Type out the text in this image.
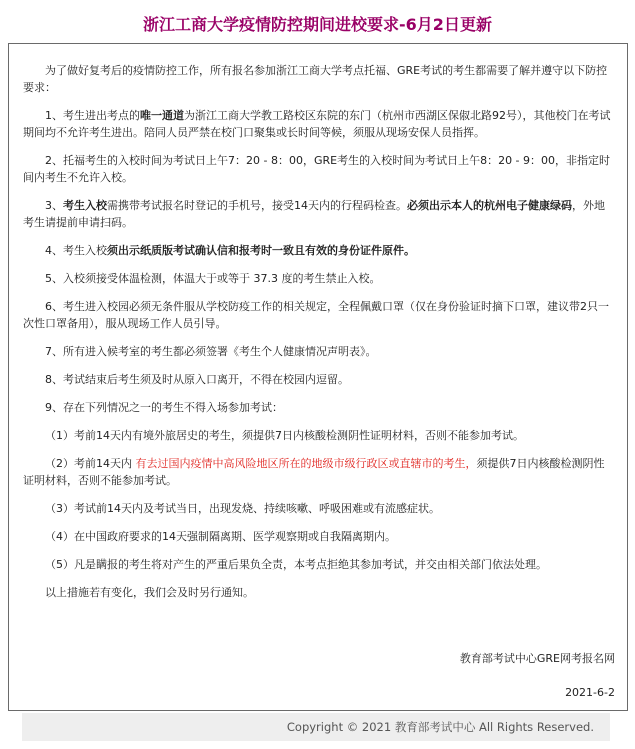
浙江工商大学疫情防控期间进校要求-6月2日更新

为了做好复考后的疫情防控工作，所有报名参加浙江工商大学考点托福、GRE考试的考生都需要了解并遵守以下防控要求：

1、考生进出考点的唯一通道为浙江工商大学教工路校区东院的东门（杭州市西湖区保俶北路92号），其他校门在考试期间均不允许考生进出。陪同人员严禁在校门口聚集或长时间等候，须服从现场安保人员指挥。

2、托福考生的入校时间为考试日上午7：20 - 8：00，GRE考生的入校时间为考试日上午8：20 - 9：00，非指定时间内考生不允许入校。

3、考生入校需携带考试报名时登记的手机号，接受14天内的行程码检查。必须出示本人的杭州电子健康绿码，外地考生请提前申请扫码。

4、考生入校须出示纸质版考试确认信和报考时一致且有效的身份证件原件。

5、入校须接受体温检测，体温大于或等于 37.3 度的考生禁止入校。

6、考生进入校园必须无条件服从学校防疫工作的相关规定，全程佩戴口罩（仅在身份验证时摘下口罩，建议带2只一次性口罩备用），服从现场工作人员引导。

7、所有进入候考室的考生都必须签署《考生个人健康情况声明表》。

8、考试结束后考生须及时从原入口离开，不得在校园内逗留。

9、存在下列情况之一的考生不得入场参加考试：

（1）考前14天内有境外旅居史的考生，须提供7日内核酸检测阴性证明材料，否则不能参加考试。

（2）考前14天内 有去过国内疫情中高风险地区所在的地级市级行政区或直辖市的考生，须提供7日内核酸检测阴性证明材料，否则不能参加考试。

（3）考试前14天内及考试当日，出现发烧、持续咳嗽、呼吸困难或有流感症状。

（4）在中国政府要求的14天强制隔离期、医学观察期或自我隔离期内。

（5）凡是瞒报的考生将对产生的严重后果负全责，本考点拒绝其参加考试，并交由相关部门依法处理。

以上措施若有变化，我们会及时另行通知。

教育部考试中心GRE网考报名网

2021-6-2

Copyright © 2021 教育部考试中心 All Rights Reserved.
